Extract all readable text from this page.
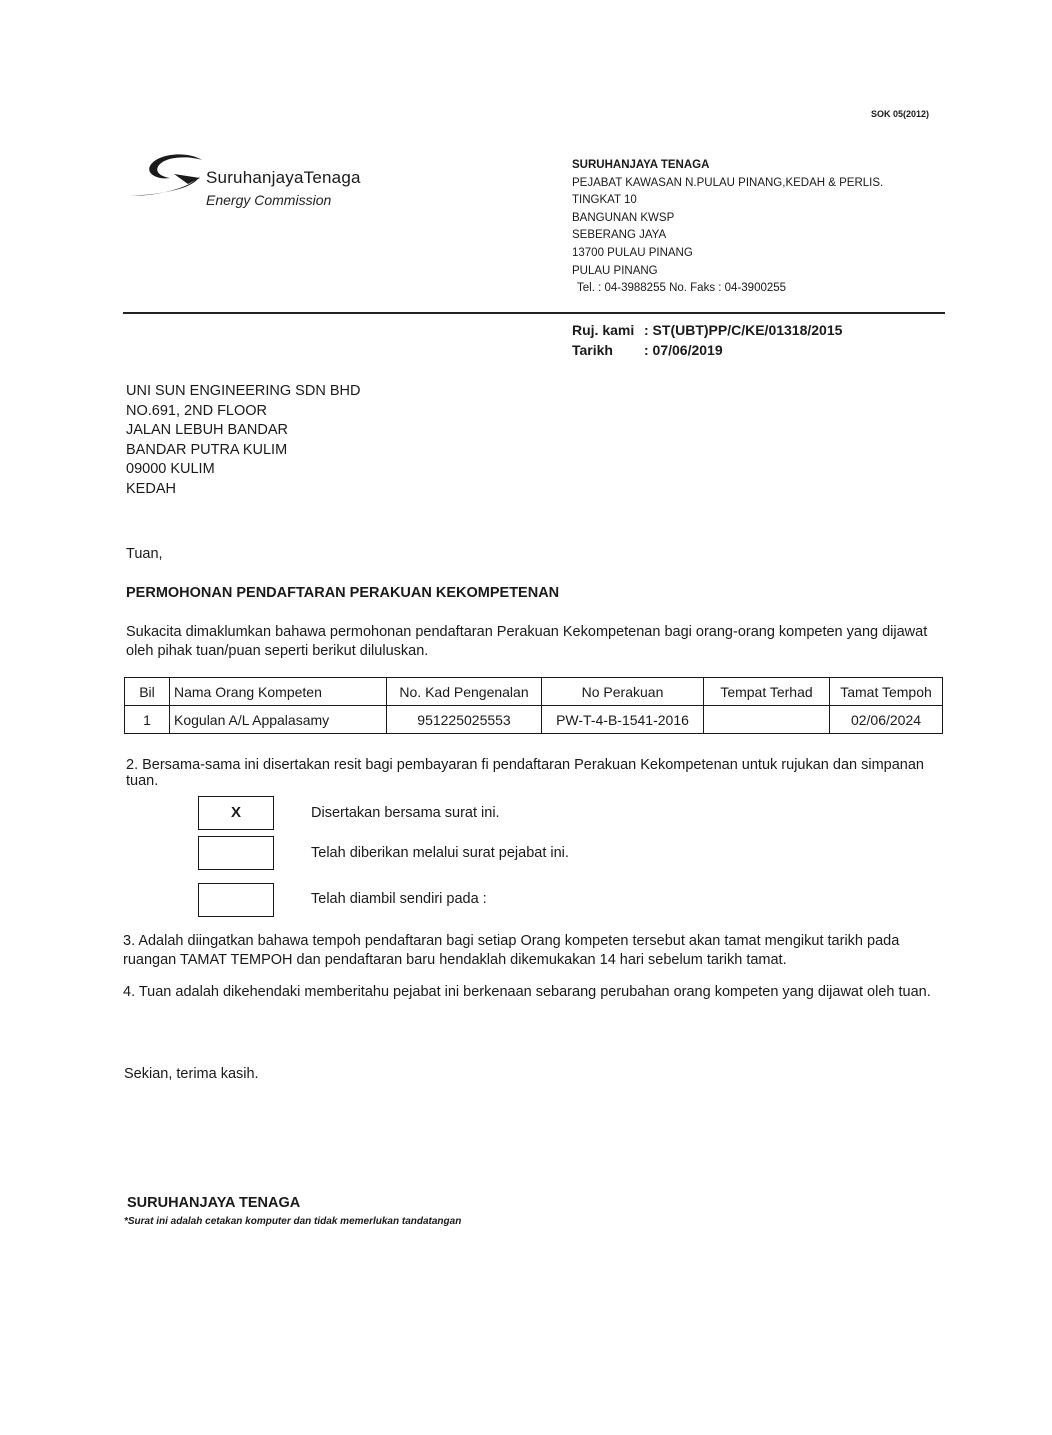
SOK 05(2012)
SuruhanjayaTenaga
Energy Commission
SURUHANJAYA TENAGA
PEJABAT KAWASAN N.PULAU PINANG,KEDAH & PERLIS.
TINGKAT 10
BANGUNAN KWSP
SEBERANG JAYA
13700 PULAU PINANG
PULAU PINANG
Tel. : 04-3988255 No. Faks : 04-3900255
Ruj. kami : ST(UBT)PP/C/KE/01318/2015
Tarikh : 07/06/2019
UNI SUN ENGINEERING SDN BHD
NO.691, 2ND FLOOR
JALAN LEBUH BANDAR
BANDAR PUTRA KULIM
09000 KULIM
KEDAH
Tuan,
PERMOHONAN PENDAFTARAN PERAKUAN KEKOMPETENAN
Sukacita dimaklumkan bahawa permohonan pendaftaran Perakuan Kekompetenan bagi orang-orang kompeten yang dijawat oleh pihak tuan/puan seperti berikut diluluskan.
Bil	Nama Orang Kompeten	No. Kad Pengenalan	No Perakuan	Tempat Terhad	Tamat Tempoh
1	Kogulan A/L Appalasamy	951225025553	PW-T-4-B-1541-2016		02/06/2024
2. Bersama-sama ini disertakan resit bagi pembayaran fi pendaftaran Perakuan Kekompetenan untuk rujukan dan simpanan tuan.
X	Disertakan bersama surat ini.
Telah diberikan melalui surat pejabat ini.
Telah diambil sendiri pada :
3. Adalah diingatkan bahawa tempoh pendaftaran bagi setiap Orang kompeten tersebut akan tamat mengikut tarikh pada ruangan TAMAT TEMPOH dan pendaftaran baru hendaklah dikemukakan 14 hari sebelum tarikh tamat.
4. Tuan adalah dikehendaki memberitahu pejabat ini berkenaan sebarang perubahan orang kompeten yang dijawat oleh tuan.
Sekian, terima kasih.
SURUHANJAYA TENAGA
*Surat ini adalah cetakan komputer dan tidak memerlukan tandatangan
